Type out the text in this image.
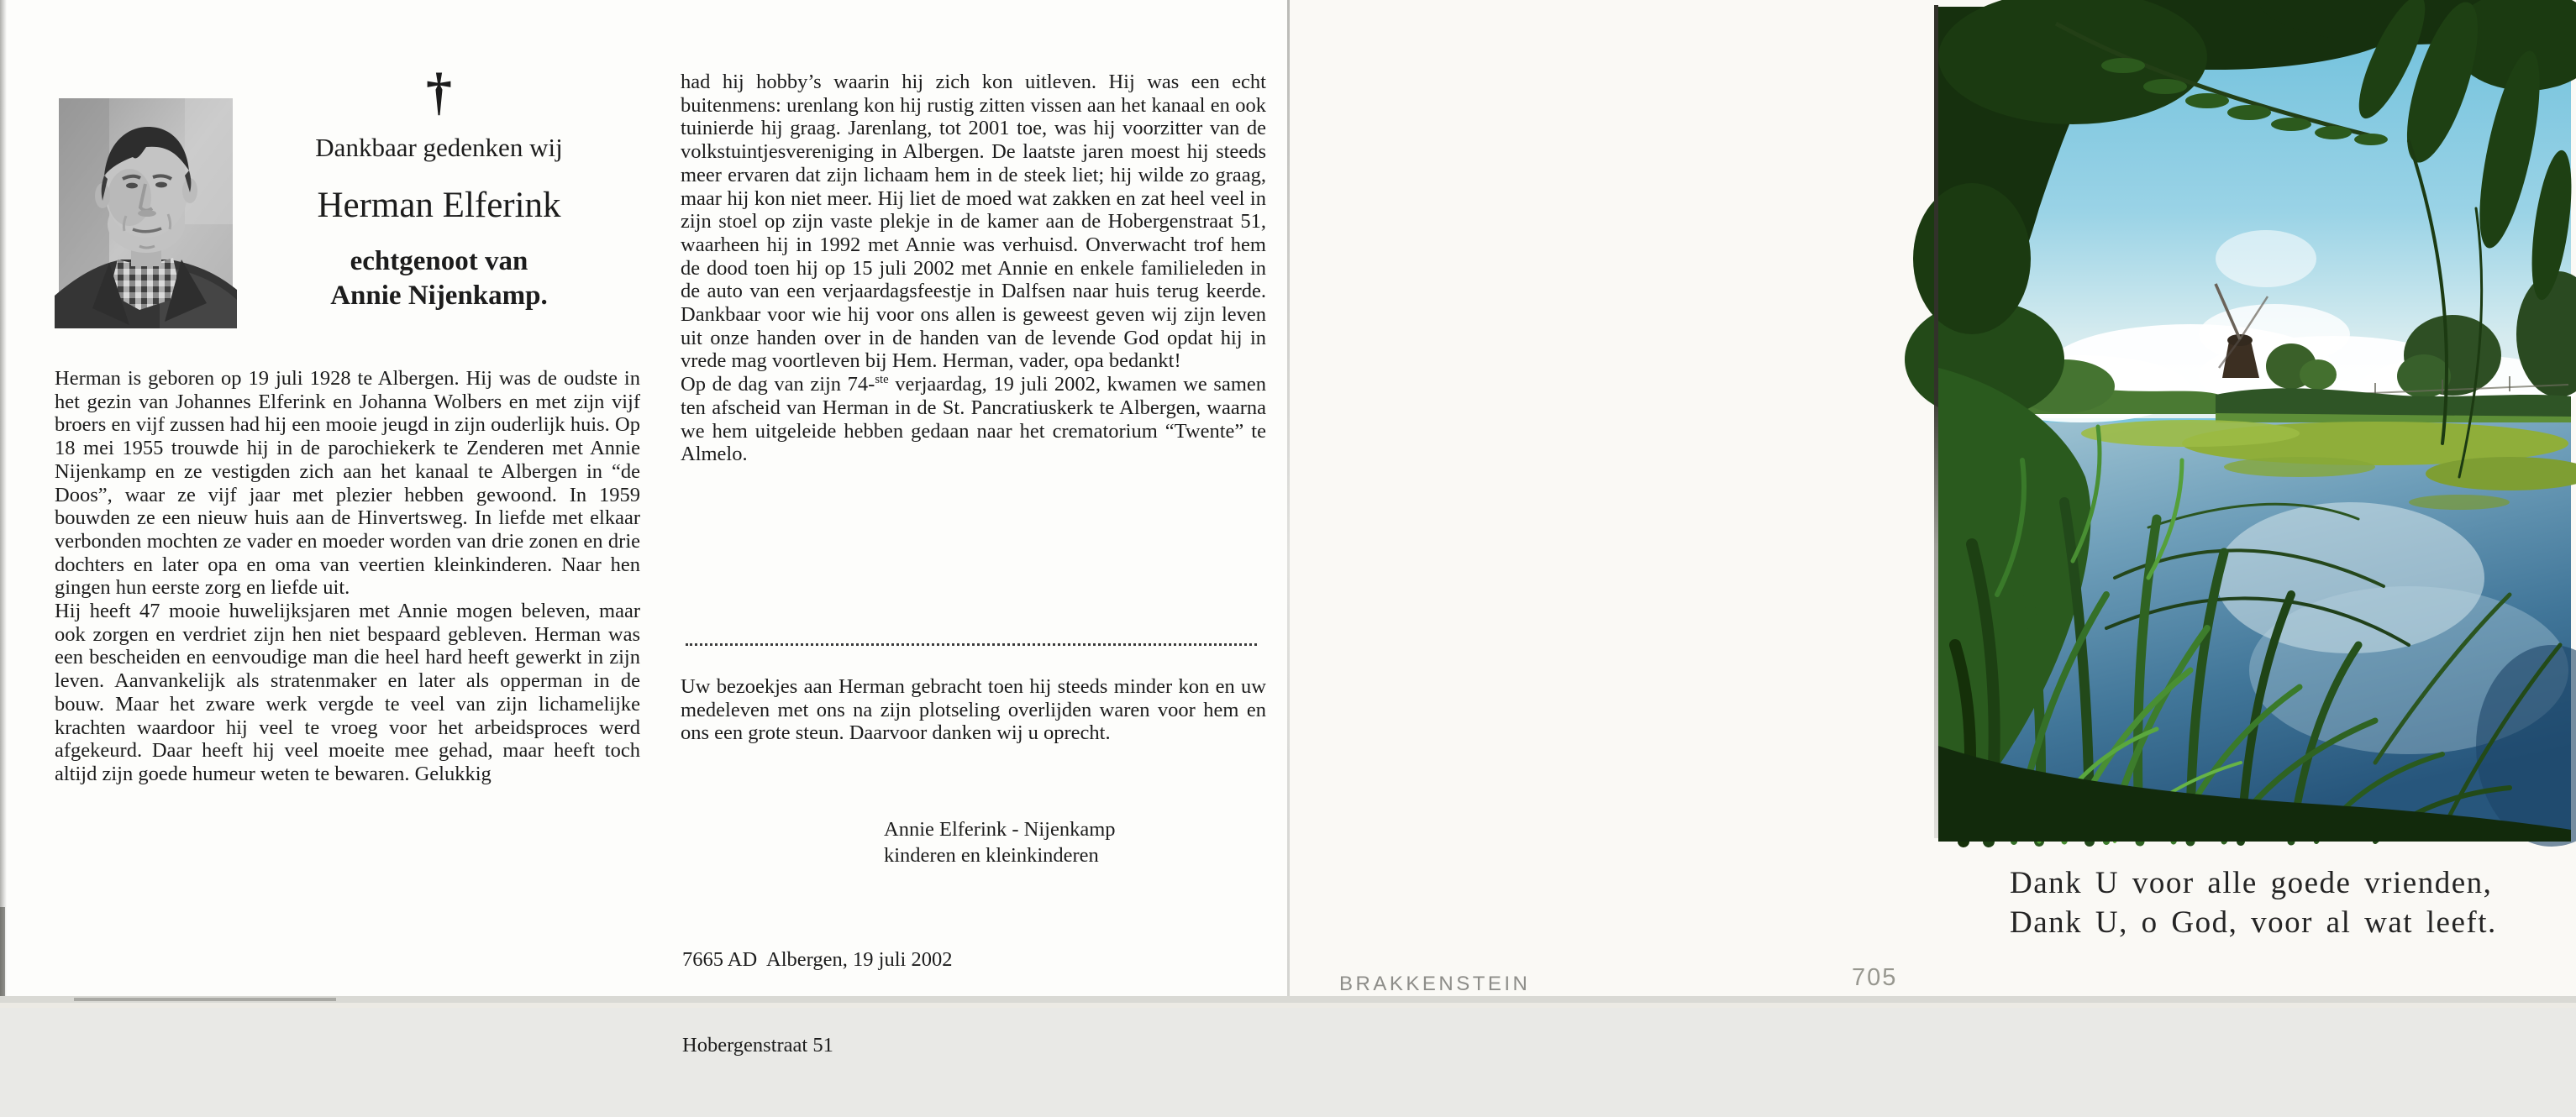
†
Dankbaar gedenken wij
Herman Elferink
echtgenoot van
Annie Nijenkamp.

Herman is geboren op 19 juli 1928 te Albergen. Hij was de oudste in het gezin van Johannes Elferink en Johanna Wolbers en met zijn vijf broers en vijf zussen had hij een mooie jeugd in zijn ouderlijk huis. Op 18 mei 1955 trouwde hij in de parochiekerk te Zenderen met Annie Nijenkamp en ze vestigden zich aan het kanaal te Albergen in “de Doos”, waar ze vijf jaar met plezier hebben gewoond. In 1959 bouwden ze een nieuw huis aan de Hinvertsweg. In liefde met elkaar verbonden mochten ze vader en moeder worden van drie zonen en drie dochters en later opa en oma van veertien kleinkinderen. Naar hen gingen hun eerste zorg en liefde uit.

Hij heeft 47 mooie huwelijksjaren met Annie mogen beleven, maar ook zorgen en verdriet zijn hen niet bespaard gebleven. Herman was een bescheiden en eenvoudige man die heel hard heeft gewerkt in zijn leven. Aanvankelijk als stratenmaker en later als opperman in de bouw. Maar het zware werk vergde te veel van zijn lichamelijke krachten waardoor hij veel te vroeg voor het arbeidsproces werd afgekeurd. Daar heeft hij veel moeite mee gehad, maar heeft toch altijd zijn goede humeur weten te bewaren. Gelukkig

had hij hobby’s waarin hij zich kon uitleven. Hij was een echt buitenmens: urenlang kon hij rustig zitten vissen aan het kanaal en ook tuinierde hij graag. Jarenlang, tot 2001 toe, was hij voorzitter van de volkstuintjesvereniging in Albergen. De laatste jaren moest hij steeds meer ervaren dat zijn lichaam hem in de steek liet; hij wilde zo graag, maar hij kon niet meer. Hij liet de moed wat zakken en zat heel veel in zijn stoel op zijn vaste plekje in de kamer aan de Hobergenstraat 51, waarheen hij in 1992 met Annie was verhuisd. Onverwacht trof hem de dood toen hij op 15 juli 2002 met Annie en enkele familieleden in de auto van een verjaardagsfeestje in Dalfsen naar huis terug keerde. Dankbaar voor wie hij voor ons allen is geweest geven wij zijn leven uit onze handen over in de handen van de levende God opdat hij in vrede mag voortleven bij Hem. Herman, vader, opa bedankt!

Op de dag van zijn 74-$^{ste}$ verjaardag, 19 juli 2002, kwamen we samen ten afscheid van Herman in de St. Pancratiuskerk te Albergen, waarna we hem uitgeleide hebben gedaan naar het crematorium “Twente” te Almelo.

Uw bezoekjes aan Herman gebracht toen hij steeds minder kon en uw medeleven met ons na zijn plotseling overlijden waren voor hem en ons een grote steun. Daarvoor danken wij u oprecht.

Annie Elferink - Nijenkamp
kinderen en kleinkinderen

7665 AD  Albergen, 19 juli 2002

Hobergenstraat 51

BRAKKENSTEIN	705
Dank U voor alle goede vrienden,
Dank U, o God, voor al wat leeft.
